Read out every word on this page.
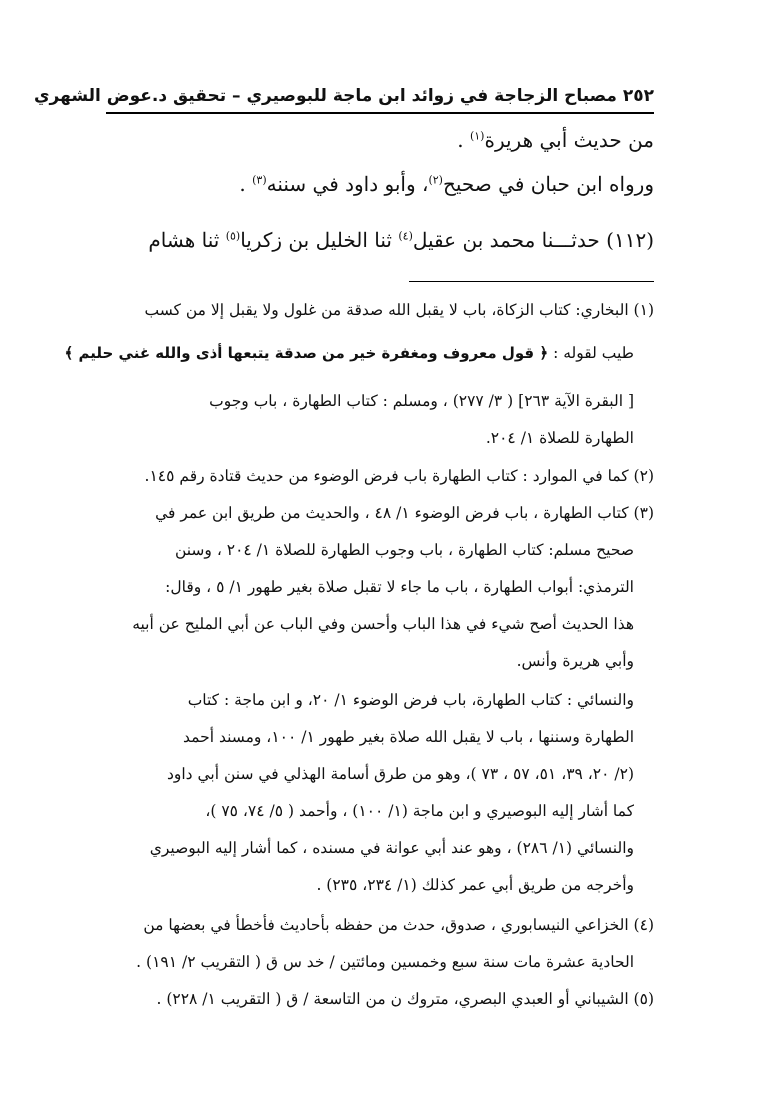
٢٥٢ مصباح الزجاجة في زوائد ابن ماجة للبوصيري – تحقيق د.عوض الشهري
من حديث أبي هريرة$^{(١)}$ .
ورواه ابن حبان في صحيح$^{(٢)}$، وأبو داود في سننه$^{(٣)}$ .
(١١٢) حدثـــنا محمد بن عقيل$^{(٤)}$ ثنا الخليل بن زكريا$^{(٥)}$ ثنا هشام
(١) البخاري: كتاب الزكاة، باب لا يقبل الله صدقة من غلول ولا يقبل إلا من كسب
طيب لقوله : ﴿ قول معروف ومغفرة خير من صدقة يتبعها أذى والله غني حليم ﴾
[ البقرة الآية ٢٦٣] ( ٣/ ٢٧٧) ، ومسلم : كتاب الطهارة ، باب وجوب
الطهارة للصلاة ١/ ٢٠٤.
(٢) كما في الموارد : كتاب الطهارة باب فرض الوضوء من حديث قتادة رقم ١٤٥.
(٣) كتاب الطهارة ، باب فرض الوضوء ١/ ٤٨ ، والحديث من طريق ابن عمر في
صحيح مسلم: كتاب الطهارة ، باب وجوب الطهارة للصلاة ١/ ٢٠٤ ، وسنن
الترمذي: أبواب الطهارة ، باب ما جاء لا تقبل صلاة بغير طهور ١/ ٥ ، وقال:
هذا الحديث أصح شيء في هذا الباب وأحسن وفي الباب عن أبي المليح عن أبيه
وأبي هريرة وأنس.
والنسائي : كتاب الطهارة، باب فرض الوضوء ١/ ٢٠، و ابن ماجة : كتاب
الطهارة وسننها ، باب لا يقبل الله صلاة بغير طهور ١/ ١٠٠، ومسند أحمد
(٢/ ٢٠، ٣٩، ٥١، ٥٧ ، ٧٣ )، وهو من طرق أسامة الهذلي في سنن أبي داود
كما أشار إليه البوصيري و ابن ماجة (١/ ١٠٠) ، وأحمد ( ٥/ ٧٤، ٧٥ )،
والنسائي (١/ ٢٨٦) ، وهو عند أبي عوانة في مسنده ، كما أشار إليه البوصيري
وأخرجه من طريق أبي عمر كذلك (١/ ٢٣٤، ٢٣٥) .
(٤) الخزاعي النيسابوري ، صدوق، حدث من حفظه بأحاديث فأخطأ في بعضها من
الحادية عشرة مات سنة سبع وخمسين ومائتين / خد س ق ( التقريب ٢/ ١٩١) .
(٥) الشيباني أو العبدي البصري، متروك ن من التاسعة / ق ( التقريب ١/ ٢٢٨) .
